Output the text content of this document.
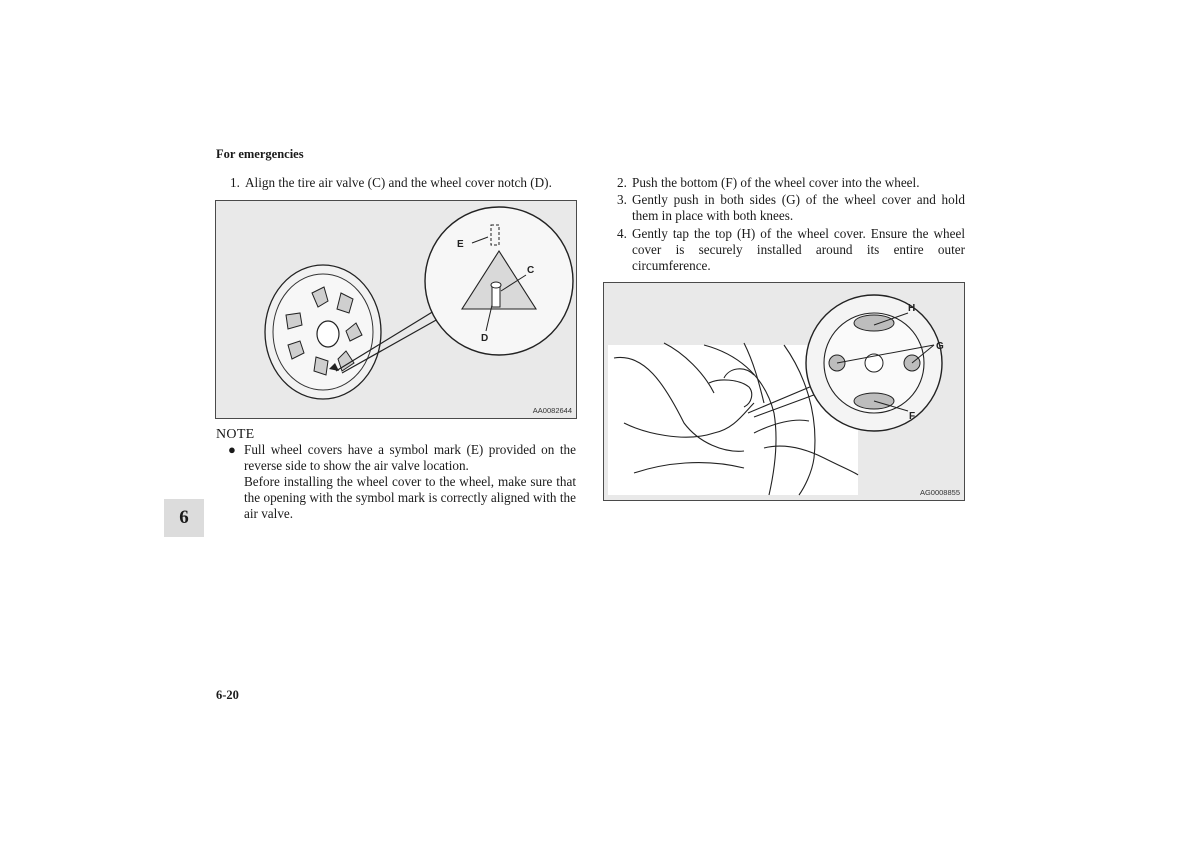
For emergencies
1. Align the tire air valve (C) and the wheel cover notch (D).
E
C
D
AA0082644
NOTE
● Full wheel covers have a symbol mark (E) provided on the reverse side to show the air valve location.
Before installing the wheel cover to the wheel, make sure that the opening with the symbol mark is correctly aligned with the air valve.
2. Push the bottom (F) of the wheel cover into the wheel.
3. Gently push in both sides (G) of the wheel cover and hold them in place with both knees.
4. Gently tap the top (H) of the wheel cover. Ensure the wheel cover is securely installed around its entire outer circumference.
H
G
F
AG0008855
6
6-20
